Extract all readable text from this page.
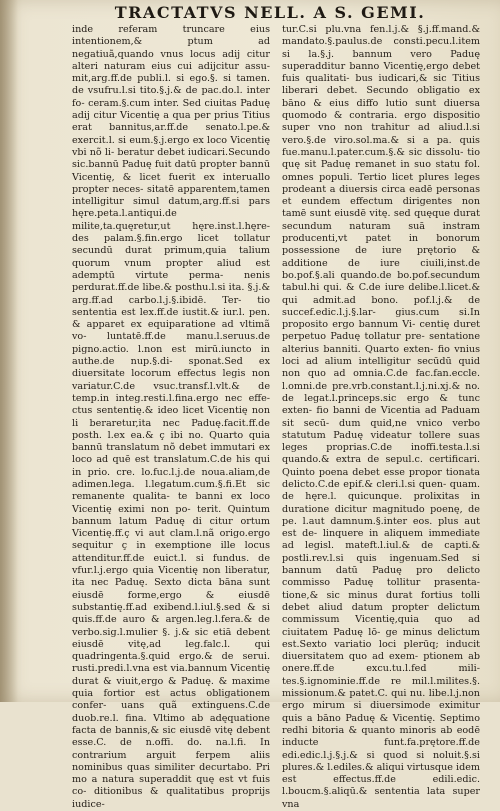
TRACTATVS NELL. A S. GEMI.

inde referam truncare eius intentionem,& ptum ad negatiuã,quando vnus locus adij citur alteri naturam eius cui adijcitur assu- mit,arg.ff.de publi.l. si ego.§. si tamen. de vsufru.l.si tito.§.j.& de pac.do.l. inter fo- ceram.§.cum inter. Sed ciuitas Paduę adij citur Vicentię a qua per prius Titius erat bannitus,ar.ff.de senato.l.pe.& exercit.l. si eum.§.j.ergo ex loco Vicentię vbi nõ li- beratur debet iudicari.Secundo sic.bannū Paduę fuit datū propter bannū Vicentię, & licet fuerit ex interuallo propter neces- sitatē apparentem,tamen intelligitur simul datum,arg.ff.si pars hęre.peta.l.antiqui.de milite,ta.quęretur,ut hęre.inst.l.hęre- des palam.§.fin.ergo licet tollatur secundū durat primum,quia talium quorum vnum propter aliud est ademptū virtute perma- nenis perdurat.ff.de libe.& posthu.l.si ita. §.j.& arg.ff.ad carbo.l.j.§.ibidē. Ter- tio sententia est lex.ff.de iustit.& iur.l. pen. & apparet ex equiparatione ad vltimã vo- luntatē.ff.de manu.l.seruus.de pigno.actio. l.non est mirū.iuncto in authe.de nup.§.di- sponat.Sed ex diuersitate locorum effectus legis non variatur.C.de vsuc.transf.l.vlt.& de temp.in integ.resti.l.fina.ergo nec effe- ctus sententię.& ideo licet Vicentię non li beraretur,ita nec Paduę.facit.ff.de posth. l.ex ea.& ç ibi no. Quarto quia bannū translatum nõ debet immutari ex loco ad quē est translatum.C.de his qui in prio. cre. lo.fuc.l.j.de noua.aliam,de adimen.lega. l.legatum.cum.§.fi.Et sic remanente qualita- te banni ex loco Vicentię eximi non po- terit. Quintum bannum latum Paduę di citur ortum Vicentię.ff.ç vi aut clam.l.nã origo.ergo sequitur ç in exemptione ille locus attenditur.ff.de euict.l. si fundus. de vfur.l.j.ergo quia Vicentię non liberatur, ita nec Paduę. Sexto dicta bāna sunt eiusdē forme,ergo & eiusdē substantię.ff.ad exibend.l.iul.§.sed & si quis.ff.de auro & argen.leg.l.fera.& de verbo.sig.l.mulier §. j.& sic etiā debent eiusdē vitę,ad leg.falc.l. qui quadringenta.§.quid ergo.& de serui. rusti.predi.l.vna est via.bannum Vicentię durat & viuit,ergo & Paduę. & maxime quia fortior est actus obligationem confer- uans quã extinguens.C.de duob.re.l. fina. Vltimo ab adęquatione facta de bannis,& sic eiusdē vitę debent esse.C. de n.offi. do. na.l.fi. In contrarium arguit ferpem aliis nominibus quas similiter decurtabo. Pri mo a natura superaddit quę est vt fuis co- ditionibus & qualitatibus proprijs iudice-

tur.C.si plu.vna fen.l.j.& §.j.ff.mand.& mandato.§.paulus.de consti.pecu.l.item si la.§.j. bannum vero Paduę superadditur banno Vicentię,ergo debet fuis qualitati- bus iudicari,& sic Titius liberari debet. Secundo obligatio ex bāno & eius diffo lutio sunt diuersa quomodo & contraria. ergo dispositio super vno non trahitur ad aliud.l.si vero.§.de viro.sol.ma.& si a pa. quis fue.manu.l.pater.cum.§.& sic dissolu- tio quę sit Paduę remanet in suo statu fol. omnes populi. Tertio licet plures leges prodeant a diuersis circa eadē personas et eundem effectum dirigentes non tamē sunt eiusdē vitę. sed quęque durat secundum naturam suā instram producenti,vt patet in bonorum possessione de iure prętorio & additione de iure ciuili,inst.de bo.pof.§.ali quando.de bo.pof.secundum tabul.hi qui. & C.de iure delibe.l.licet.& qui admit.ad bono. pof.l.j.& de succef.edic.l.j.§.lar- gius.cum si.In proposito ergo bannum Vi- centię duret perpetuo Paduę tollatur pre- sentatione alterius banniti. Quarto exten- fio vnius loci ad alium intelligitur secūdū quid non quo ad omnia.C.de fac.fan.eccle. l.omni.de pre.vrb.constant.l.j.ni.xj.& no. de legat.l.princeps.sic ergo & tunc exten- fio banni de Vicentia ad Paduam sit secū- dum quid,ne vnico verbo statutum Paduę videatur tollere suas leges proprias.C.de inoffi.testa.l.si quando.& extra de sepul.c. certificari. Quinto poena debet esse propor tionata delicto.C.de epif.& cleri.l.si quen- quam. de hęre.l. quicunque. prolixitas in duratione dicitur magnitudo poenę, de pe. l.aut damnum.§.inter eos. plus aut est de- linquere in aliquem immediate ad legisl. mateft.l.iul.& de capti.& postli.rev.l.si quis ingenuam.Sed si bannum datū Paduę pro delicto commisso Paduę tollitur prasenta- tione,& sic minus durat fortius tolli debet aliud datum propter delictum commissum Vicentię,quia quo ad ciuitatem Paduę lō- ge minus delictum est.Sexto variatio loci plerūq; inducit diuersitatem quo ad exem- ptionem ab onere.ff.de excu.tu.l.fed mili- tes.§.ignominie.ff.de re mil.l.milites.§. missionum.& patet.C. qui nu. libe.l.j.non ergo mirum si diuersimode eximitur quis a bāno Paduę & Vicentię. Septimo redhi bitoria & quanto minoris ab eodē inducte funt.fa.prętore.ff.de edi.edic.l.j.§.j.& si quod si noluit.§.si plures.& l.ediles.& aliqui virtusque idem est effectus.ff.de edili.edic. l.boucm.§.aliqū.& sententia lata super vna
